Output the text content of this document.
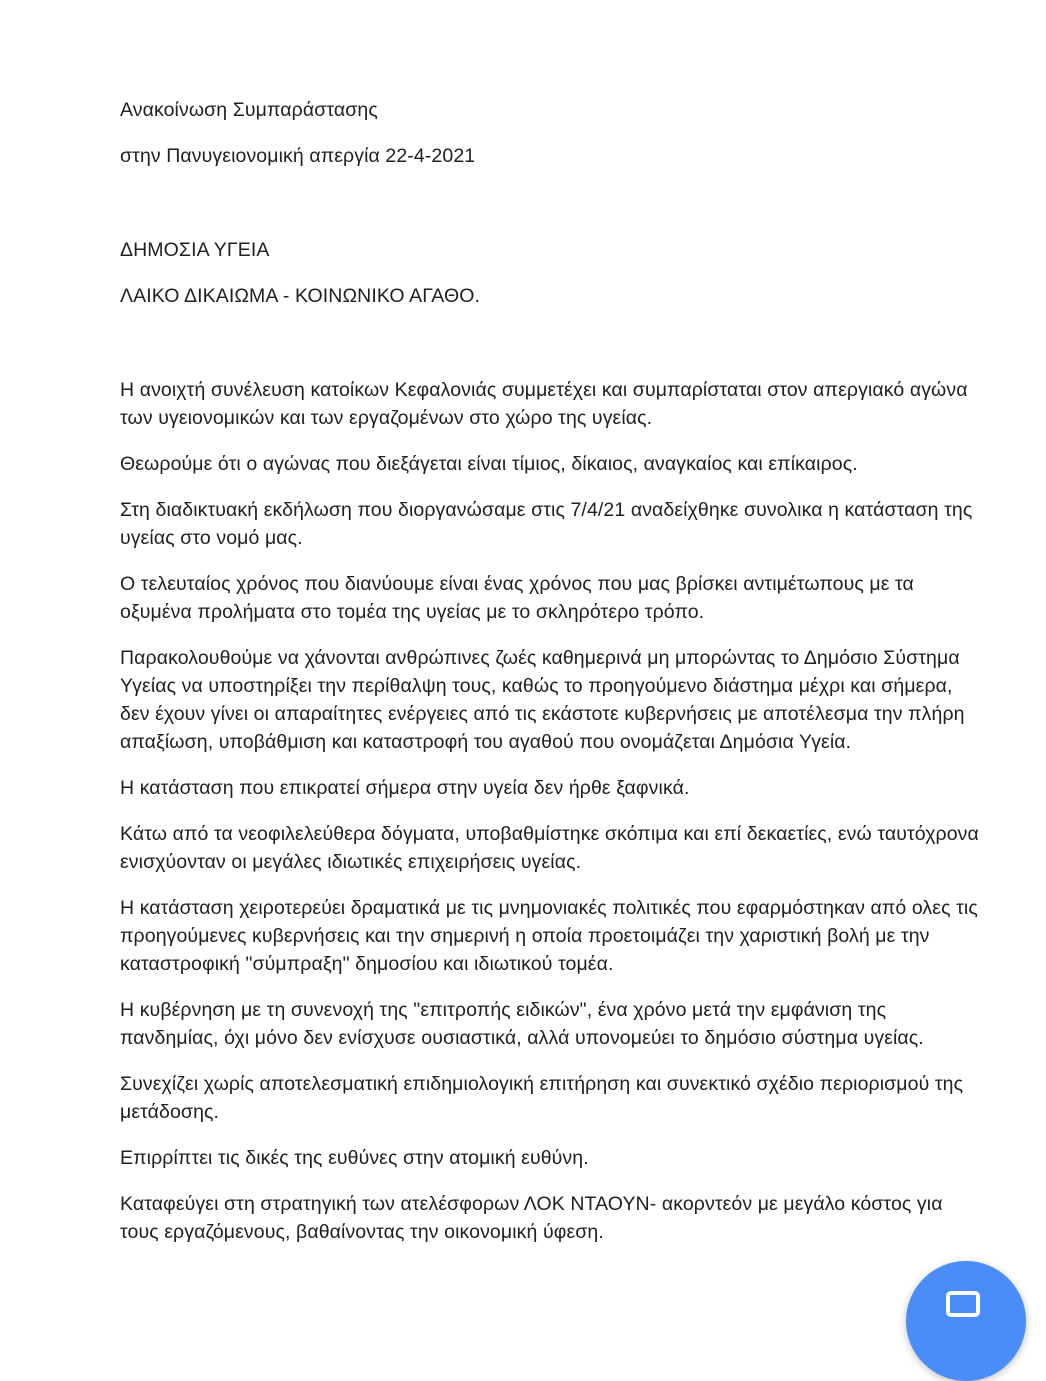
Ανακοίνωση Συμπαράστασης

στην Πανυγειονομική απεργία 22-4-2021

ΔΗΜΟΣΙΑ ΥΓΕΙΑ

ΛΑΙΚΟ ΔΙΚΑΙΩΜΑ - ΚΟΙΝΩΝΙΚΟ ΑΓΑΘΟ.

Η ανοιχτή συνέλευση κατοίκων Κεφαλονιάς συμμετέχει και συμπαρίσταται στον απεργιακό αγώνα των υγειονομικών και των εργαζομένων στο χώρο της υγείας.

Θεωρούμε ότι ο αγώνας που διεξάγεται είναι τίμιος, δίκαιος, αναγκαίος και επίκαιρος.

Στη διαδικτυακή εκδήλωση που διοργανώσαμε στις 7/4/21 αναδείχθηκε συνολικα η κατάσταση της υγείας στο νομό μας.

Ο τελευταίος χρόνος που διανύουμε είναι ένας χρόνος που μας βρίσκει αντιμέτωπους με τα οξυμένα προλήματα στο τομέα της υγείας με το σκληρότερο τρόπο.

Παρακολουθούμε να χάνονται ανθρώπινες ζωές καθημερινά μη μπορώντας το Δημόσιο Σύστημα Υγείας να υποστηρίξει την περίθαλψη τους, καθώς το προηγούμενο διάστημα μέχρι και σήμερα, δεν έχουν γίνει οι απαραίτητες ενέργειες από τις εκάστοτε κυβερνήσεις με αποτέλεσμα την πλήρη απαξίωση, υποβάθμιση και καταστροφή του αγαθού που ονομάζεται Δημόσια Υγεία.

Η κατάσταση που επικρατεί σήμερα στην υγεία δεν ήρθε ξαφνικά.

Κάτω από τα νεοφιλελεύθερα δόγματα, υποβαθμίστηκε σκόπιμα και επί δεκαετίες, ενώ ταυτόχρονα ενισχύονταν οι μεγάλες ιδιωτικές επιχειρήσεις υγείας.

Η κατάσταση χειροτερεύει δραματικά με τις μνημονιακές πολιτικές που εφαρμόστηκαν από ολες τις προηγούμενες κυβερνήσεις και την σημερινή η οποία προετοιμάζει την χαριστική βολή με την καταστροφική "σύμπραξη" δημοσίου και ιδιωτικού τομέα.

Η κυβέρνηση με τη συνενοχή της "επιτροπής ειδικών", ένα χρόνο μετά την εμφάνιση της πανδημίας, όχι μόνο δεν ενίσχυσε ουσιαστικά, αλλά υπονομεύει το δημόσιο σύστημα υγείας.

Συνεχίζει χωρίς αποτελεσματική επιδημιολογική επιτήρηση και συνεκτικό σχέδιο περιορισμού της μετάδοσης.

Επιρρίπτει τις δικές της ευθύνες στην ατομική ευθύνη.

Καταφεύγει στη στρατηγική των ατελέσφορων ΛΟΚ ΝΤΑΟΥΝ- ακορντεόν με μεγάλο κόστος για τους εργαζόμενους, βαθαίνοντας την οικονομική ύφεση.
